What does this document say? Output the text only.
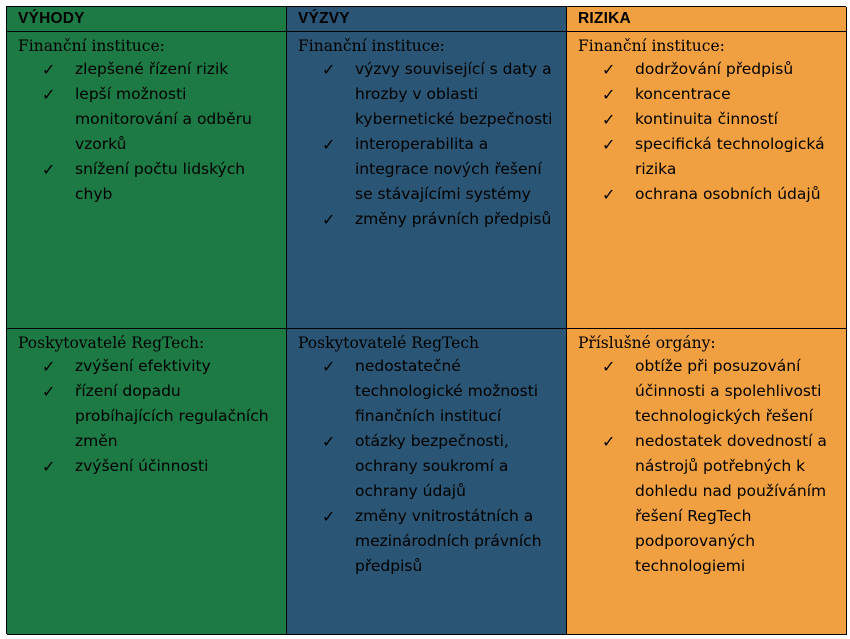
VÝHODY	VÝZVY	RIZIKA
Finanční instituce:
✓ zlepšené řízení rizik
✓ lepší možnosti monitorování a odběru vzorků
✓ snížení počtu lidských chyb
Finanční instituce:
✓ výzvy související s daty a hrozby v oblasti kybernetické bezpečnosti
✓ interoperabilita a integrace nových řešení se stávajícími systémy
✓ změny právních předpisů
Finanční instituce:
✓ dodržování předpisů
✓ koncentrace
✓ kontinuita činností
✓ specifická technologická rizika
✓ ochrana osobních údajů
Poskytovatelé RegTech:
✓ zvýšení efektivity
✓ řízení dopadu probíhajících regulačních změn
✓ zvýšení účinnosti
Poskytovatelé RegTech
✓ nedostatečné technologické možnosti finančních institucí
✓ otázky bezpečnosti, ochrany soukromí a ochrany údajů
✓ změny vnitrostátních a mezinárodních právních předpisů
Příslušné orgány:
✓ obtíže při posuzování účinnosti a spolehlivosti technologických řešení
✓ nedostatek dovedností a nástrojů potřebných k dohledu nad používáním řešení RegTech podporovaných technologiemi
